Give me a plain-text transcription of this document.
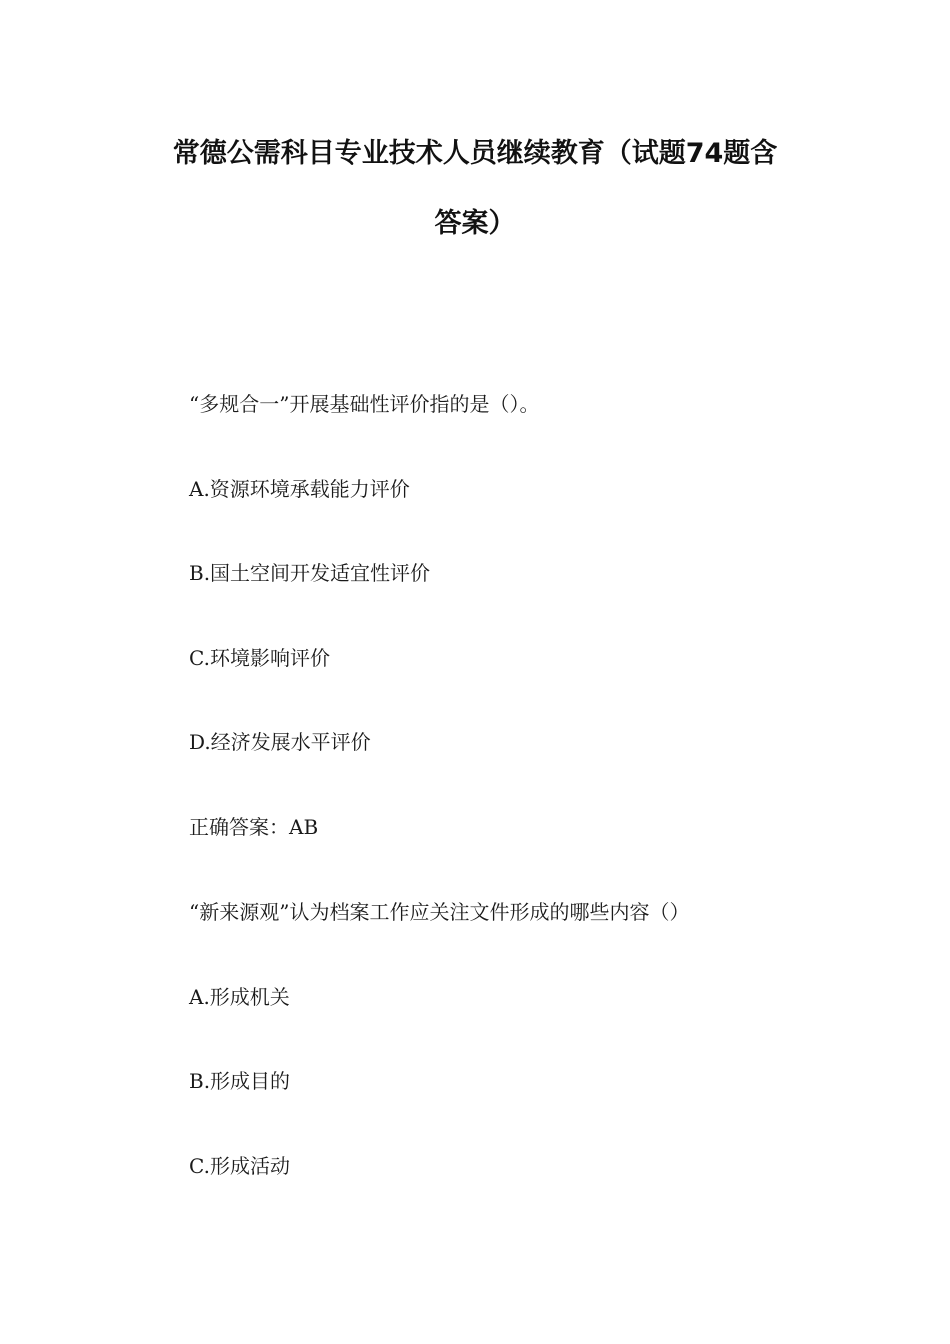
常德公需科目专业技术人员继续教育（试题74题含
答案）
“多规合一”开展基础性评价指的是（）。
A.资源环境承载能力评价
B.国土空间开发适宜性评价
C.环境影响评价
D.经济发展水平评价
正确答案：AB
“新来源观”认为档案工作应关注文件形成的哪些内容（）
A.形成机关
B.形成目的
C.形成活动
